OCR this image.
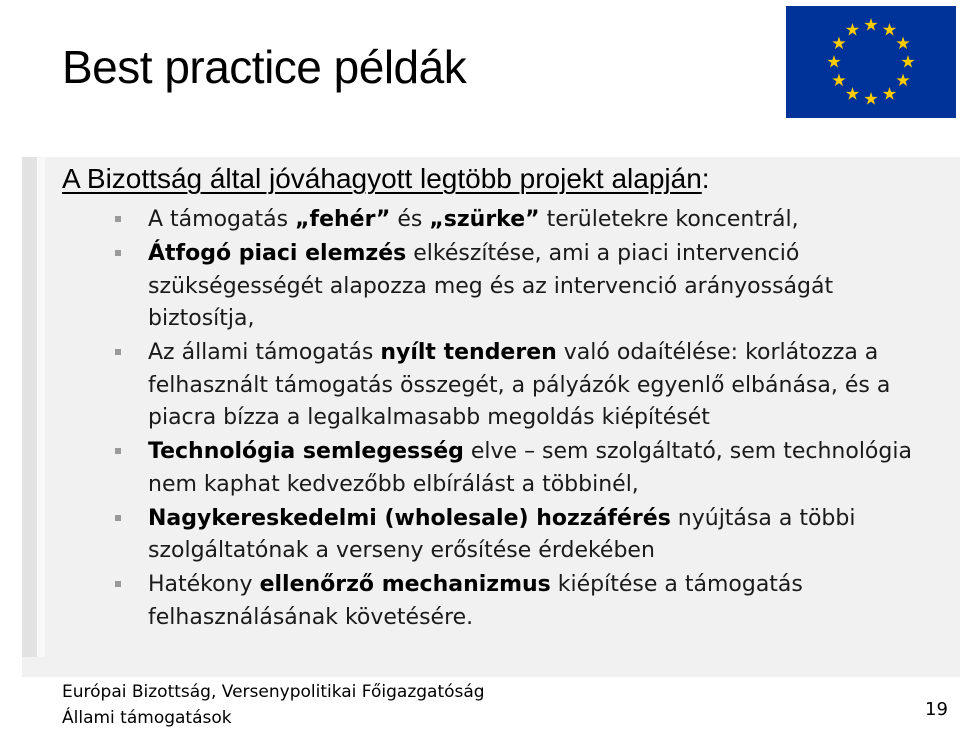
Best practice példák
A Bizottság által jóváhagyott legtöbb projekt alapján:
A támogatás „fehér” és „szürke” területekre koncentrál,
Átfogó piaci elemzés elkészítése, ami a piaci intervenció szükségességét alapozza meg és az intervenció arányosságát biztosítja,
Az állami támogatás nyílt tenderen való odaítélése: korlátozza a felhasznált támogatás összegét, a pályázók egyenlő elbánása, és a piacra bízza a legalkalmasabb megoldás kiépítését
Technológia semlegesség elve – sem szolgáltató, sem technológia nem kaphat kedvezőbb elbírálást a többinél,
Nagykereskedelmi (wholesale) hozzáférés nyújtása a többi szolgáltatónak a verseny erősítése érdekében
Hatékony ellenőrző mechanizmus kiépítése a támogatás felhasználásának követésére.
Európai Bizottság, Versenypolitikai Főigazgatóság
Állami támogatások	19
